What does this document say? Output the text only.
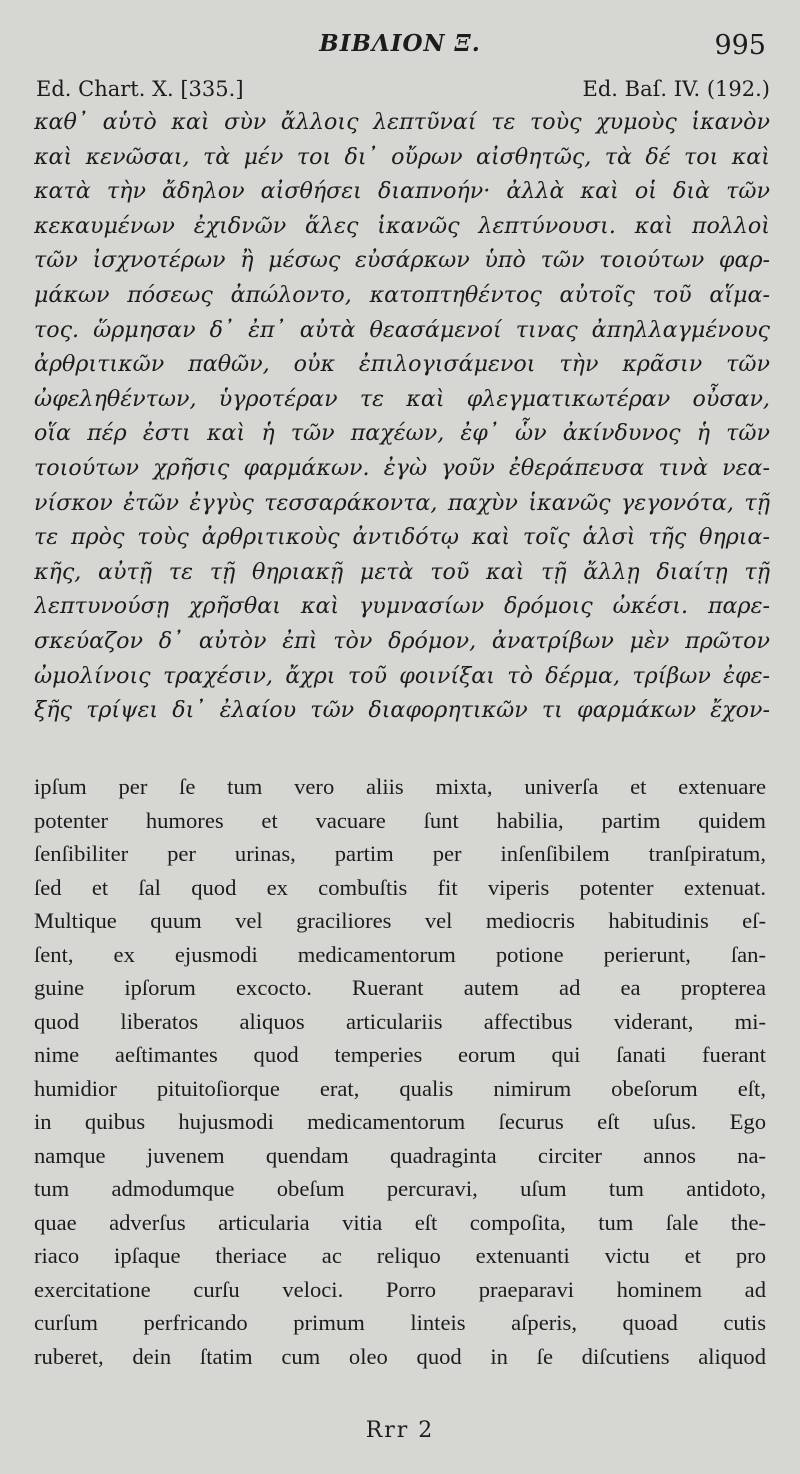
ΒΙΒΛΙΟΝ Ξ.	995
Ed. Chart. X. [335.]	Ed. Baſ. IV. (192.)
καθ᾽ αὑτὸ καὶ σὺν ἄλλοις λεπτῦναί τε τοὺς χυμοὺς ἱκανὸν
καὶ κενῶσαι, τὰ μέν τοι δι᾽ οὔρων αἰσθητῶς, τὰ δέ τοι καὶ
κατὰ τὴν ἄδηλον αἰσθήσει διαπνοήν· ἀλλὰ καὶ οἱ διὰ τῶν
κεκαυμένων ἐχιδνῶν ἅλες ἱκανῶς λεπτύνουσι. καὶ πολλοὶ
τῶν ἰσχνοτέρων ἢ μέσως εὐσάρκων ὑπὸ τῶν τοιούτων φαρ-
μάκων πόσεως ἀπώλοντο, κατοπτηθέντος αὐτοῖς τοῦ αἵμα-
τος. ὥρμησαν δ᾽ ἐπ᾽ αὐτὰ θεασάμενοί τινας ἀπηλλαγμένους
ἀρθριτικῶν παθῶν, οὐκ ἐπιλογισάμενοι τὴν κρᾶσιν τῶν
ὠφεληθέντων, ὑγροτέραν τε καὶ φλεγματικωτέραν οὖσαν,
οἵα πέρ ἐστι καὶ ἡ τῶν παχέων, ἐφ᾽ ὧν ἀκίνδυνος ἡ τῶν
τοιούτων χρῆσις φαρμάκων. ἐγὼ γοῦν ἐθεράπευσα τινὰ νεα-
νίσκον ἐτῶν ἐγγὺς τεσσαράκοντα, παχὺν ἱκανῶς γεγονότα, τῇ
τε πρὸς τοὺς ἀρθριτικοὺς ἀντιδότῳ καὶ τοῖς ἁλσὶ τῆς θηρια-
κῆς, αὐτῇ τε τῇ θηριακῇ μετὰ τοῦ καὶ τῇ ἄλλῃ διαίτῃ τῇ
λεπτυνούσῃ χρῆσθαι καὶ γυμνασίων δρόμοις ὠκέσι. παρε-
σκεύαζον δ᾽ αὐτὸν ἐπὶ τὸν δρόμον, ἀνατρίβων μὲν πρῶτον
ὠμολίνοις τραχέσιν, ἄχρι τοῦ φοινίξαι τὸ δέρμα, τρίβων ἐφε-
ξῆς τρίψει δι᾽ ἐλαίου τῶν διαφορητικῶν τι φαρμάκων ἔχον-
ipſum per ſe tum vero aliis mixta, univerſa et extenuare
potenter humores et vacuare ſunt habilia, partim quidem
ſenſibiliter per urinas, partim per inſenſibilem tranſpiratum,
ſed et ſal quod ex combuſtis fit viperis potenter extenuat.
Multique quum vel graciliores vel mediocris habitudinis eſ-
ſent, ex ejusmodi medicamentorum potione perierunt, ſan-
guine ipſorum excocto. Ruerant autem ad ea propterea
quod liberatos aliquos articulariis affectibus viderant, mi-
nime aeſtimantes quod temperies eorum qui ſanati fuerant
humidior pituitoſiorque erat, qualis nimirum obeſorum eſt,
in quibus hujusmodi medicamentorum ſecurus eſt uſus. Ego
namque juvenem quendam quadraginta circiter annos na-
tum admodumque obeſum percuravi, uſum tum antidoto,
quae adverſus articularia vitia eſt compoſita, tum ſale the-
riaco ipſaque theriace ac reliquo extenuanti victu et pro
exercitatione curſu veloci. Porro praeparavi hominem ad
curſum perfricando primum linteis aſperis, quoad cutis
ruberet, dein ſtatim cum oleo quod in ſe diſcutiens aliquod
Rrr 2
